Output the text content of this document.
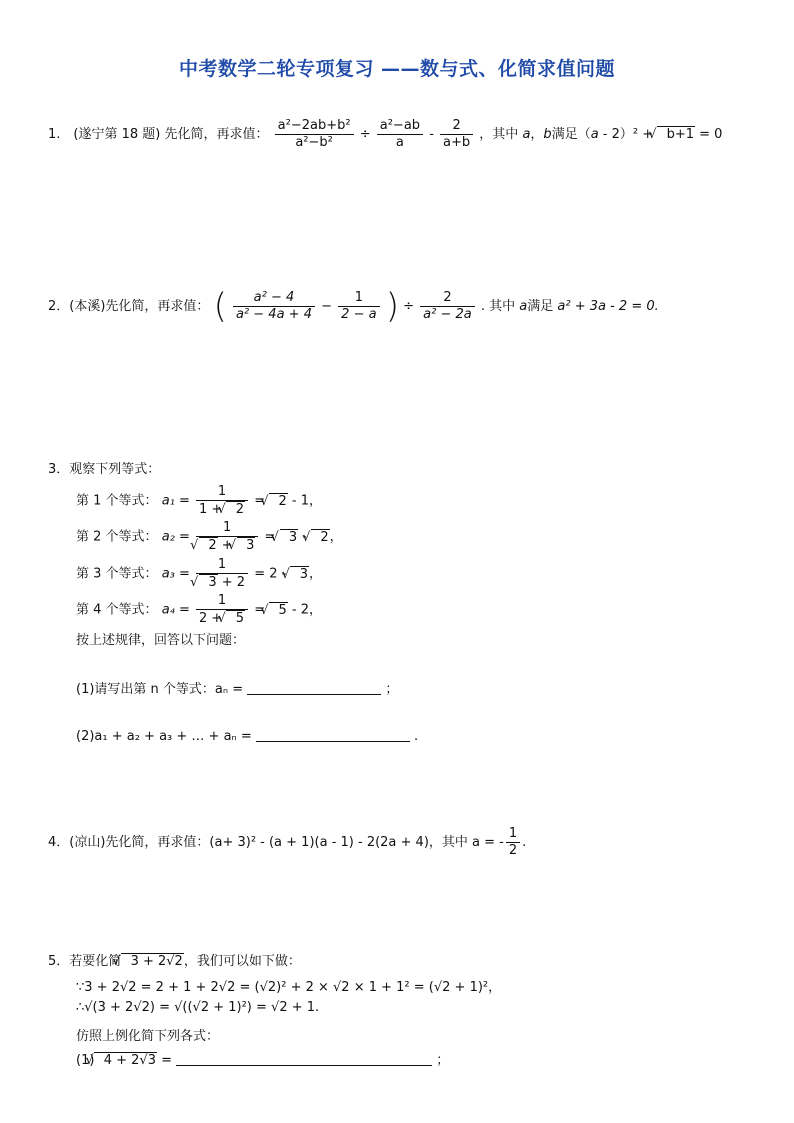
中考数学二轮专项复习 ——数与式、化简求值问题
1.　(遂宁第 18 题) 先化简，再求值： $\frac{\text{a²−2ab+b²}}{\text{a²−b²}} \div \frac{\text{a²−ab}}{a} - \frac{2}{a+b}$ ，其中 a，b满足（a - 2）² + √ b+1 = 0
2．(本溪)先化简，再求值： ( $\frac{\text{a² − 4}}{\text{a² − 4a + 4}} - \frac{1}{2 - a}$ ) ÷ $\frac{2}{\text{a² − 2a}}$ . 其中 a满足 a² + 3a - 2 = 0.
3．观察下列等式：
第 1 个等式： $a_1 = \frac{1}{1 + √ 2}$ = √ 2 - 1，
第 2 个等式： a₂ = 1
√ 2 + √ 3 = √ 3 - √ 2，
第 3 个等式： a₃ = 1
√ 3 + 2 = 2 - √ 3，
第 4 个等式： $a_4 = \frac{1}{2 + √ 5}$ = √ 5 - 2，
按上述规律，回答以下问题：
(1)请写出第 n 个等式：aₙ =	；
(2)a₁ + a₂ + a₃ + … + aₙ =	.
4．(凉山)先化简，再求值：(a+ 3)² - (a + 1)(a - 1) - 2(2a + 4)，其中 a = - $\frac{1}{2}$ .
5．若要化简 √ 3 + 2√2，我们可以如下做：
∵3 + 2√2 = 2 + 1 + 2√2 = (√2)² + 2 × √2 × 1 + 1² = (√2 + 1)²，
∴√(3 + 2√2) = √((√2 + 1)²) = √2 + 1.
仿照上例化简下列各式：
(1) √ 4 + 2√3 =	；
